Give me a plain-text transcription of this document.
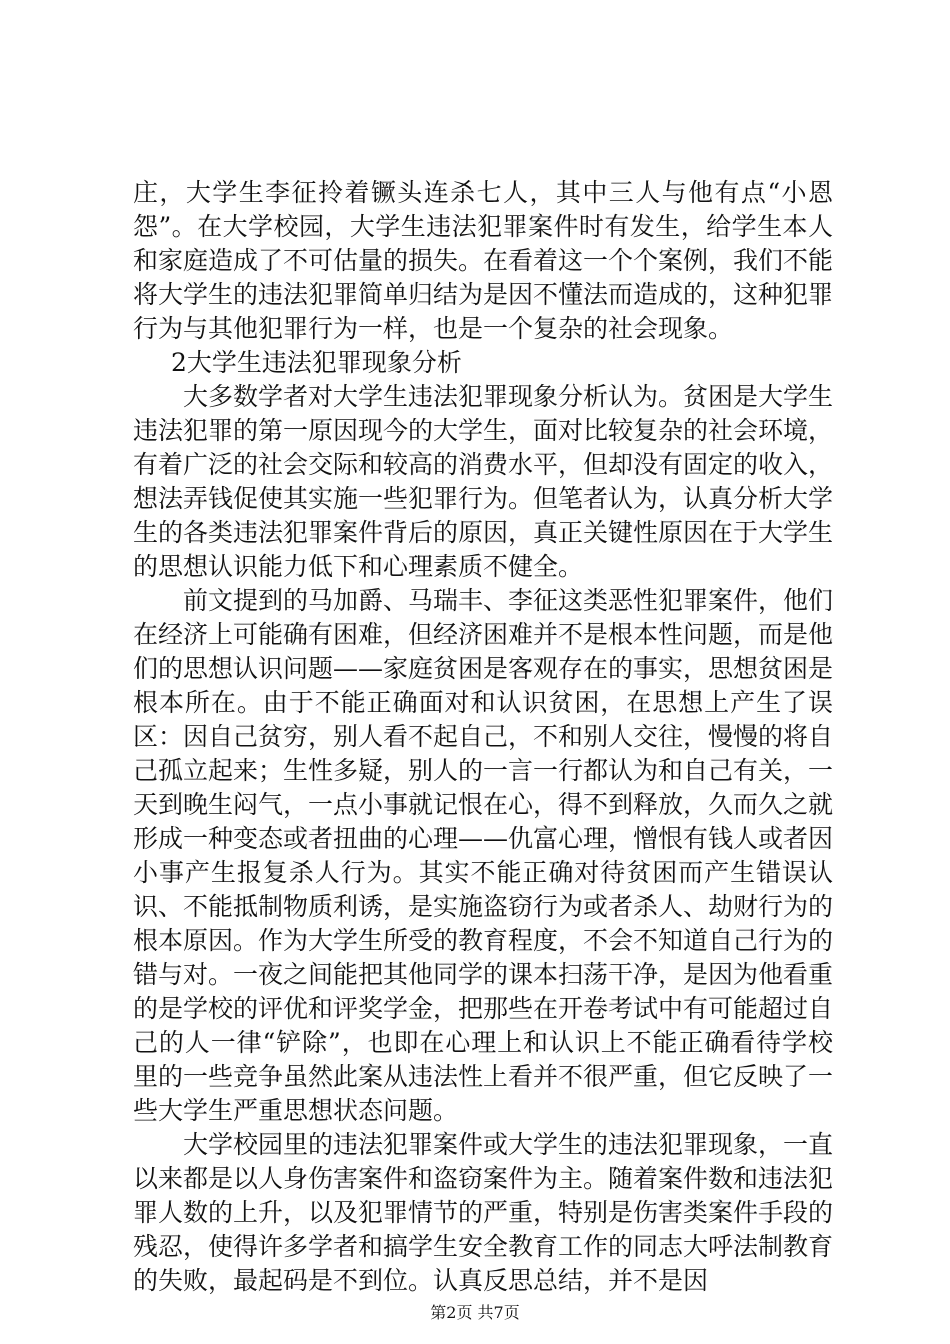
庄，大学生李征拎着镢头连杀七人，其中三人与他有点“小恩怨”。在大学校园，大学生违法犯罪案件时有发生，给学生本人和家庭造成了不可估量的损失。在看着这一个个案例，我们不能将大学生的违法犯罪简单归结为是因不懂法而造成的，这种犯罪行为与其他犯罪行为一样，也是一个复杂的社会现象。

2大学生违法犯罪现象分析

大多数学者对大学生违法犯罪现象分析认为。贫困是大学生违法犯罪的第一原因现今的大学生，面对比较复杂的社会环境，有着广泛的社会交际和较高的消费水平，但却没有固定的收入，想法弄钱促使其实施一些犯罪行为。但笔者认为，认真分析大学生的各类违法犯罪案件背后的原因，真正关键性原因在于大学生的思想认识能力低下和心理素质不健全。

前文提到的马加爵、马瑞丰、李征这类恶性犯罪案件，他们在经济上可能确有困难，但经济困难并不是根本性问题，而是他们的思想认识问题——家庭贫困是客观存在的事实，思想贫困是根本所在。由于不能正确面对和认识贫困，在思想上产生了误区：因自己贫穷，别人看不起自己，不和别人交往，慢慢的将自己孤立起来；生性多疑，别人的一言一行都认为和自己有关，一天到晚生闷气，一点小事就记恨在心，得不到释放，久而久之就形成一种变态或者扭曲的心理——仇富心理，憎恨有钱人或者因小事产生报复杀人行为。其实不能正确对待贫困而产生错误认识、不能抵制物质利诱，是实施盗窃行为或者杀人、劫财行为的根本原因。作为大学生所受的教育程度，不会不知道自己行为的错与对。一夜之间能把其他同学的课本扫荡干净，是因为他看重的是学校的评优和评奖学金，把那些在开卷考试中有可能超过自己的人一律“铲除”，也即在心理上和认识上不能正确看待学校里的一些竞争虽然此案从违法性上看并不很严重，但它反映了一些大学生严重思想状态问题。

大学校园里的违法犯罪案件或大学生的违法犯罪现象，一直以来都是以人身伤害案件和盗窃案件为主。随着案件数和违法犯罪人数的上升，以及犯罪情节的严重，特别是伤害类案件手段的残忍，使得许多学者和搞学生安全教育工作的同志大呼法制教育的失败，最起码是不到位。认真反思总结，并不是因

第2页 共7页
